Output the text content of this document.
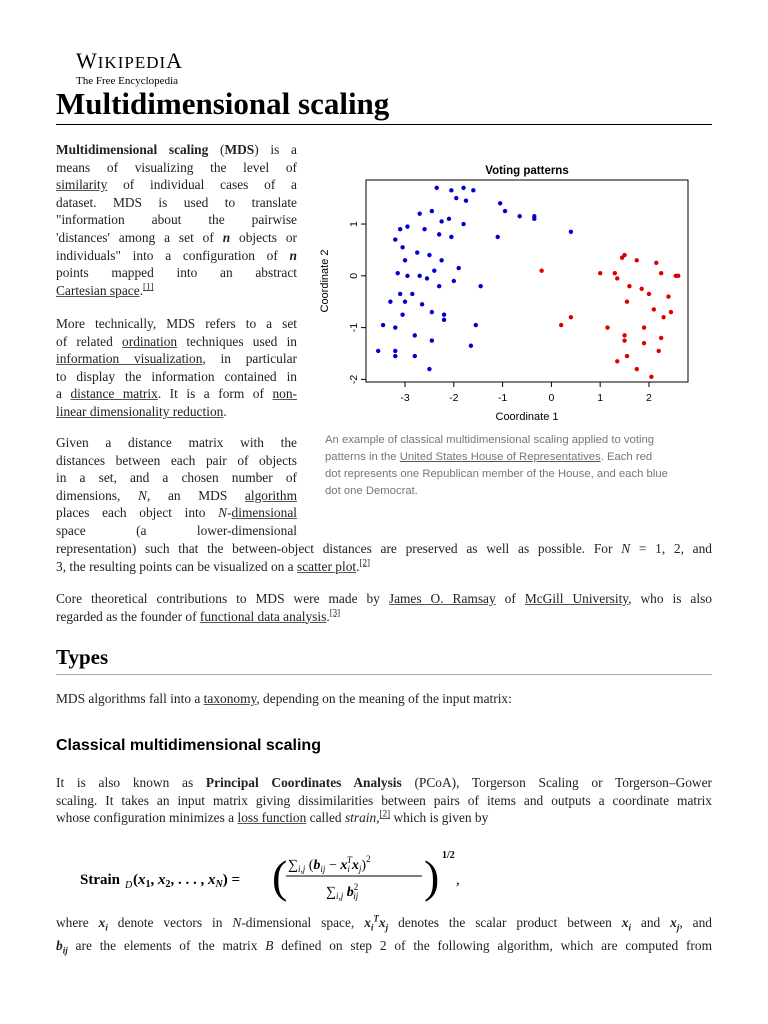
WIKIPEDIA
The Free Encyclopedia
Multidimensional scaling
Multidimensional scaling (MDS) is a
means of visualizing the level of
similarity of individual cases of a
dataset. MDS is used to translate
"information about the pairwise
'distances' among a set of n objects or
individuals" into a configuration of n
points mapped into an abstract
Cartesian space.[1]
More technically, MDS refers to a set
of related ordination techniques used in
information visualization, in particular
to display the information contained in
a distance matrix. It is a form of non-
linear dimensionality reduction.
Given a distance matrix with the
distances between each pair of objects
in a set, and a chosen number of
dimensions, N, an MDS algorithm
places each object into N-dimensional
space (a lower-dimensional
representation) such that the between-object distances are preserved as well as possible. For N = 1, 2, and
3, the resulting points can be visualized on a scatter plot.[2]
Core theoretical contributions to MDS were made by James O. Ramsay of McGill University, who is also
regarded as the founder of functional data analysis.[3]
Voting patterns
-3	-2	-1	0	1	2
-2
-1
0
1
Coordinate 1
Coordinate 2
An example of classical multidimensional scaling applied to voting
patterns in the United States House of Representatives. Each red
dot represents one Republican member of the House, and each blue
dot one Democrat.
Types
MDS algorithms fall into a taxonomy, depending on the meaning of the input matrix:
Classical multidimensional scaling
It is also known as Principal Coordinates Analysis (PCoA), Torgerson Scaling or Torgerson–Gower
scaling. It takes an input matrix giving dissimilarities between pairs of items and outputs a coordinate matrix
whose configuration minimizes a loss function called strain,[2] which is given by
Strain D ($x_1$, $x_2$, . . . , $x_N$) = ( $\sum_{i,j}$ $(b_{ij} - x_iTx_j)^2$
$\sum_{i,j}$ $b^2$ ij ) 1/2
,
where $x_i$ denote vectors in N-dimensional space, $x_i^Tx_j$ denotes the scalar product between $x_i$ and $x_j$, and
$b_{ij}$ are the elements of the matrix B defined on step 2 of the following algorithm, which are computed from
